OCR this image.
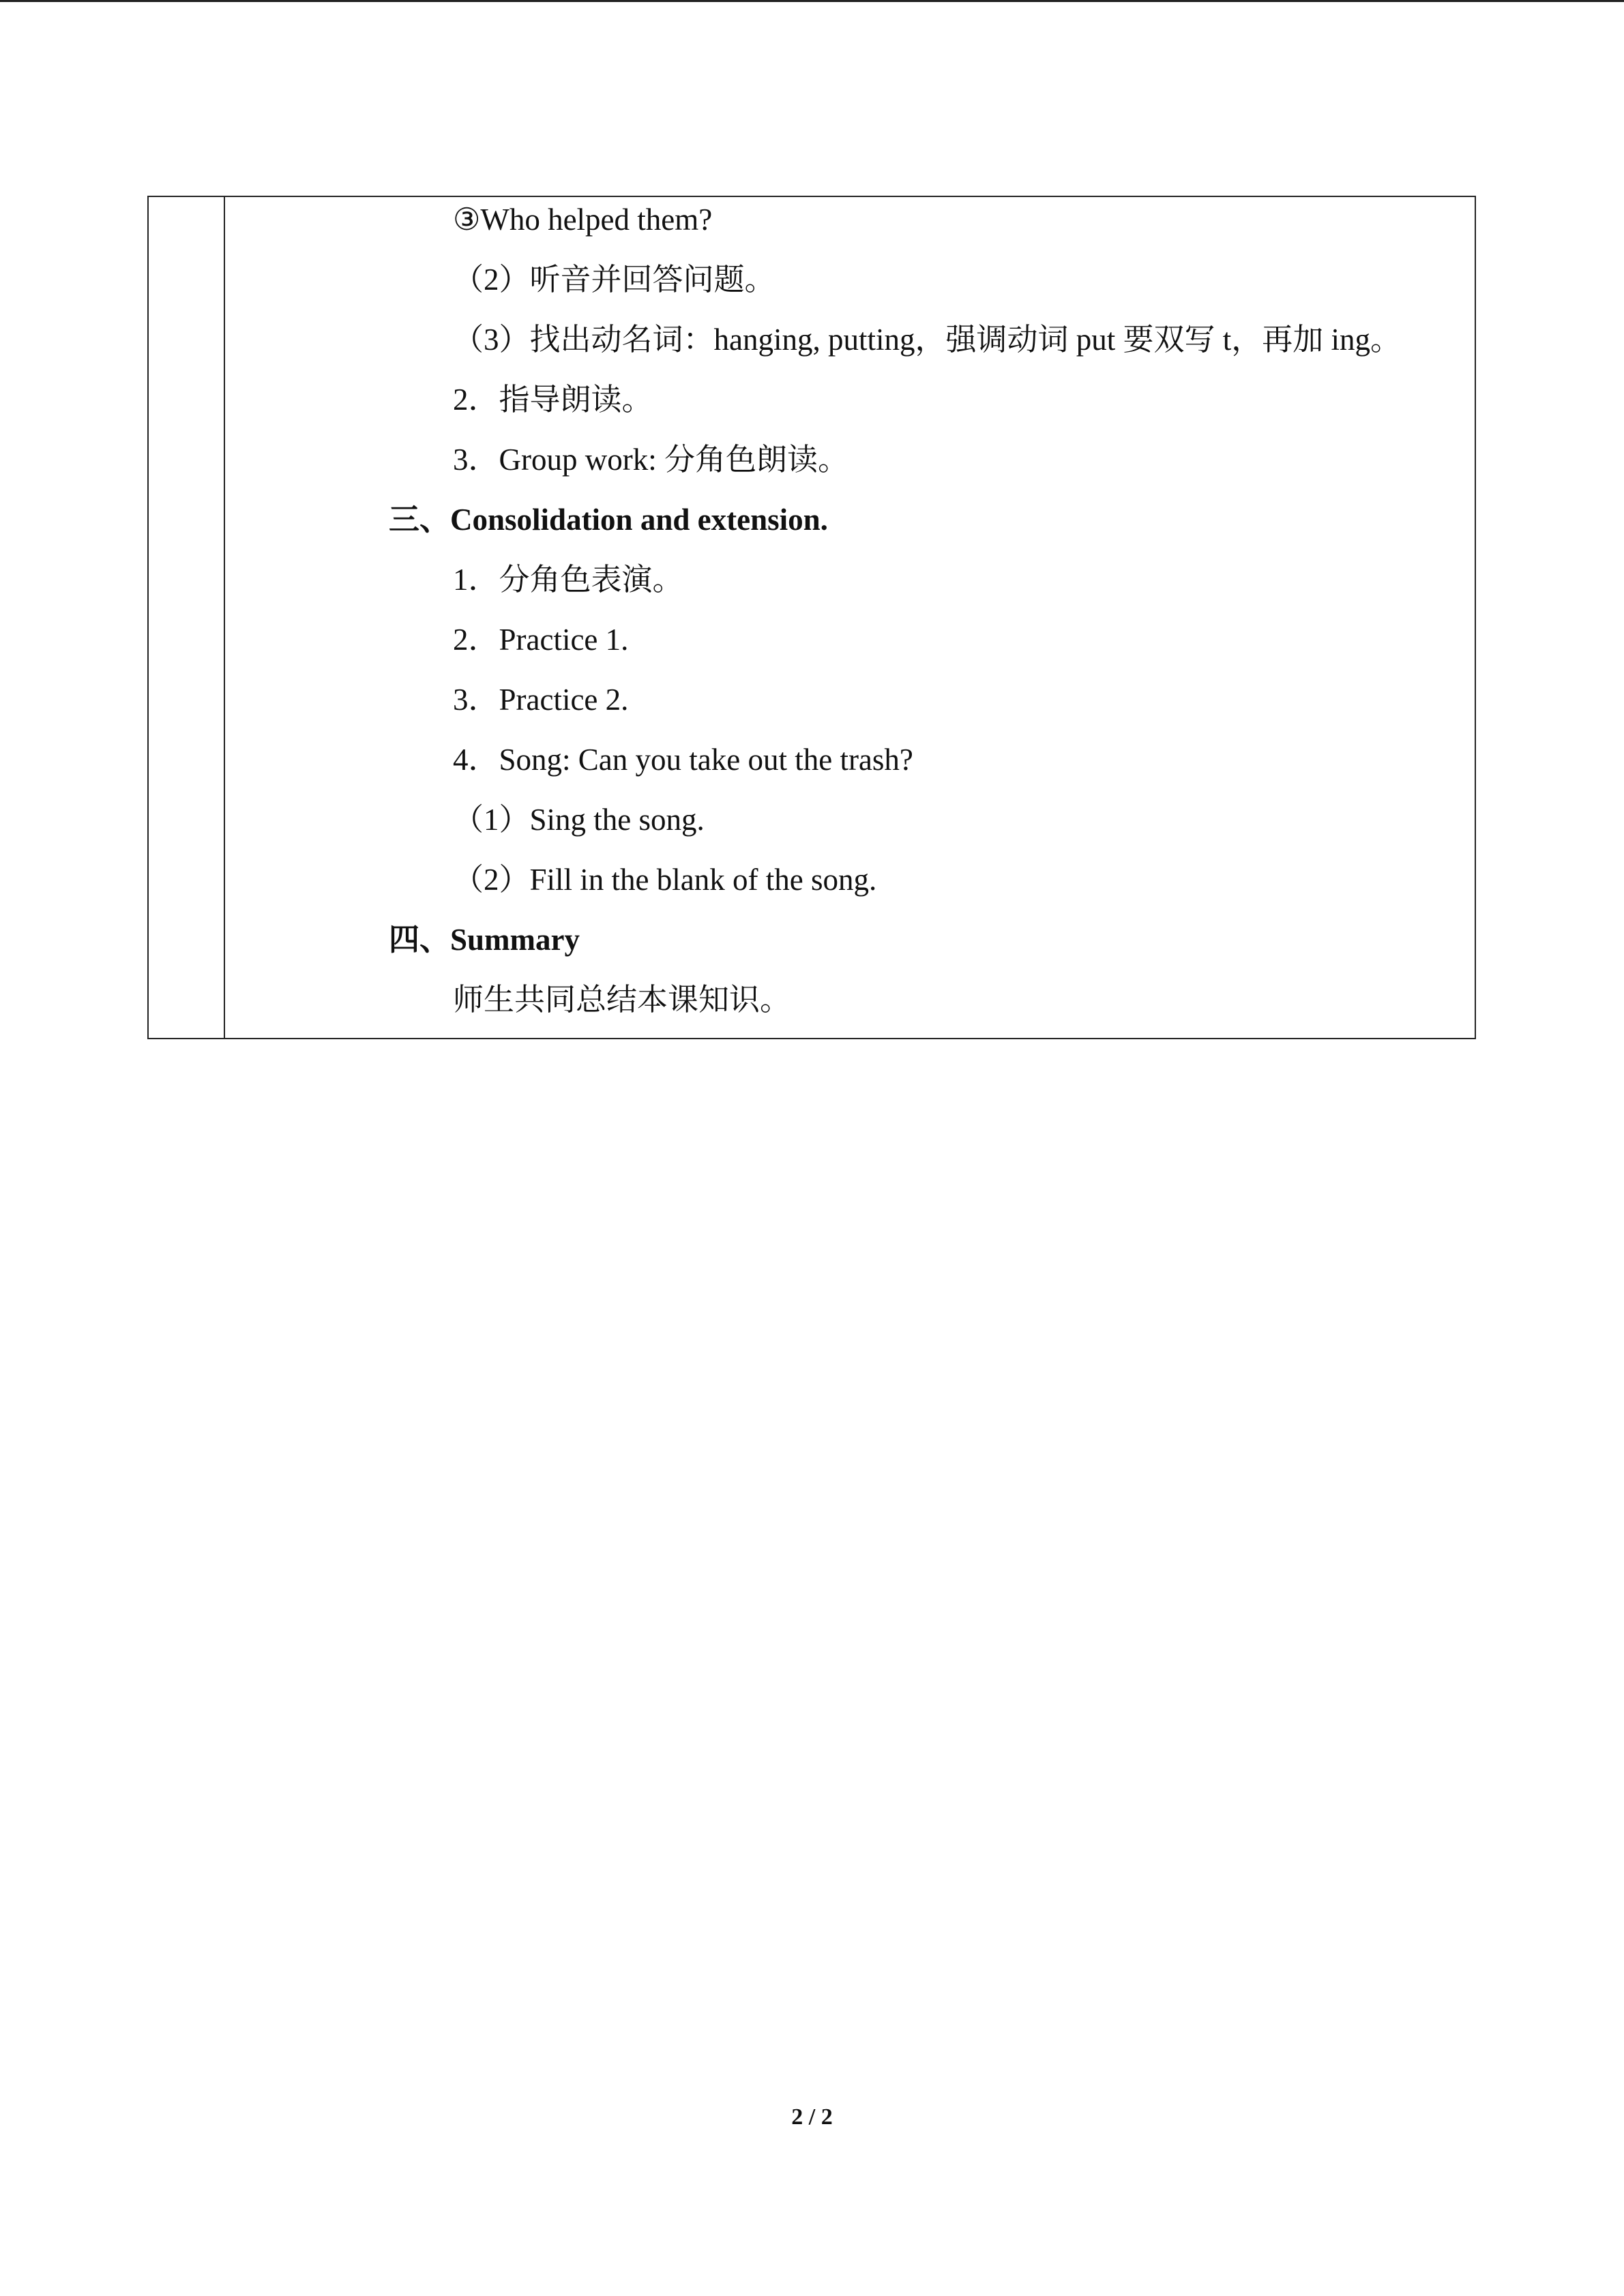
③Who helped them?
（2）听音并回答问题。
（3）找出动名词：hanging, putting，强调动词 put 要双写 t，再加 ing。
2．指导朗读。
3．Group work: 分角色朗读。
三、Consolidation and extension.
1．分角色表演。
2．Practice 1.
3．Practice 2.
4．Song: Can you take out the trash?
（1）Sing the song.
（2）Fill in the blank of the song.
四、Summary
师生共同总结本课知识。
2 / 2
